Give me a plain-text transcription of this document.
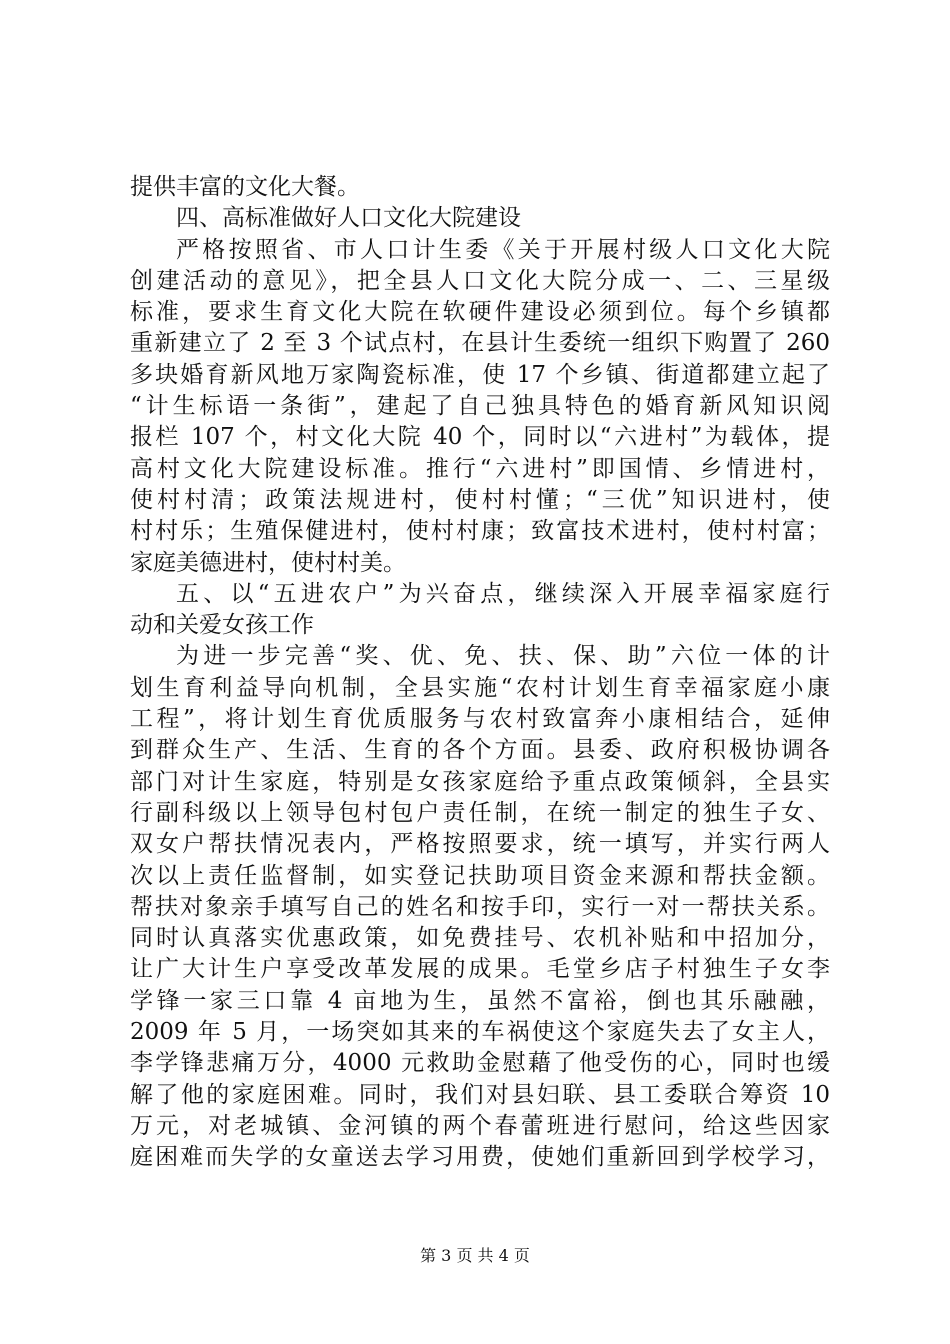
提供丰富的文化大餐。
四、高标准做好人口文化大院建设
严格按照省、市人口计生委《关于开展村级人口文化大院
创建活动的意见》，把全县人口文化大院分成一、二、三星级
标准，要求生育文化大院在软硬件建设必须到位。每个乡镇都
重新建立了 2 至 3 个试点村，在县计生委统一组织下购置了 260
多块婚育新风地万家陶瓷标准，使 17 个乡镇、街道都建立起了
“计生标语一条街”，建起了自己独具特色的婚育新风知识阅
报栏 107 个，村文化大院 40 个，同时以“六进村”为载体，提
高村文化大院建设标准。推行“六进村”即国情、乡情进村，
使村村清；政策法规进村，使村村懂；“三优”知识进村，使
村村乐；生殖保健进村，使村村康；致富技术进村，使村村富；
家庭美德进村，使村村美。
五、以“五进农户”为兴奋点，继续深入开展幸福家庭行
动和关爱女孩工作
为进一步完善“奖、优、免、扶、保、助”六位一体的计
划生育利益导向机制，全县实施“农村计划生育幸福家庭小康
工程”，将计划生育优质服务与农村致富奔小康相结合，延伸
到群众生产、生活、生育的各个方面。县委、政府积极协调各
部门对计生家庭，特别是女孩家庭给予重点政策倾斜，全县实
行副科级以上领导包村包户责任制，在统一制定的独生子女、
双女户帮扶情况表内，严格按照要求，统一填写，并实行两人
次以上责任监督制，如实登记扶助项目资金来源和帮扶金额。
帮扶对象亲手填写自己的姓名和按手印，实行一对一帮扶关系。
同时认真落实优惠政策，如免费挂号、农机补贴和中招加分，
让广大计生户享受改革发展的成果。毛堂乡店子村独生子女李
学锋一家三口靠 4 亩地为生，虽然不富裕，倒也其乐融融，
2009 年 5 月，一场突如其来的车祸使这个家庭失去了女主人，
李学锋悲痛万分，4000 元救助金慰藉了他受伤的心，同时也缓
解了他的家庭困难。同时，我们对县妇联、县工委联合筹资 10
万元，对老城镇、金河镇的两个春蕾班进行慰问，给这些因家
庭困难而失学的女童送去学习用费，使她们重新回到学校学习，
第 3 页 共 4 页
